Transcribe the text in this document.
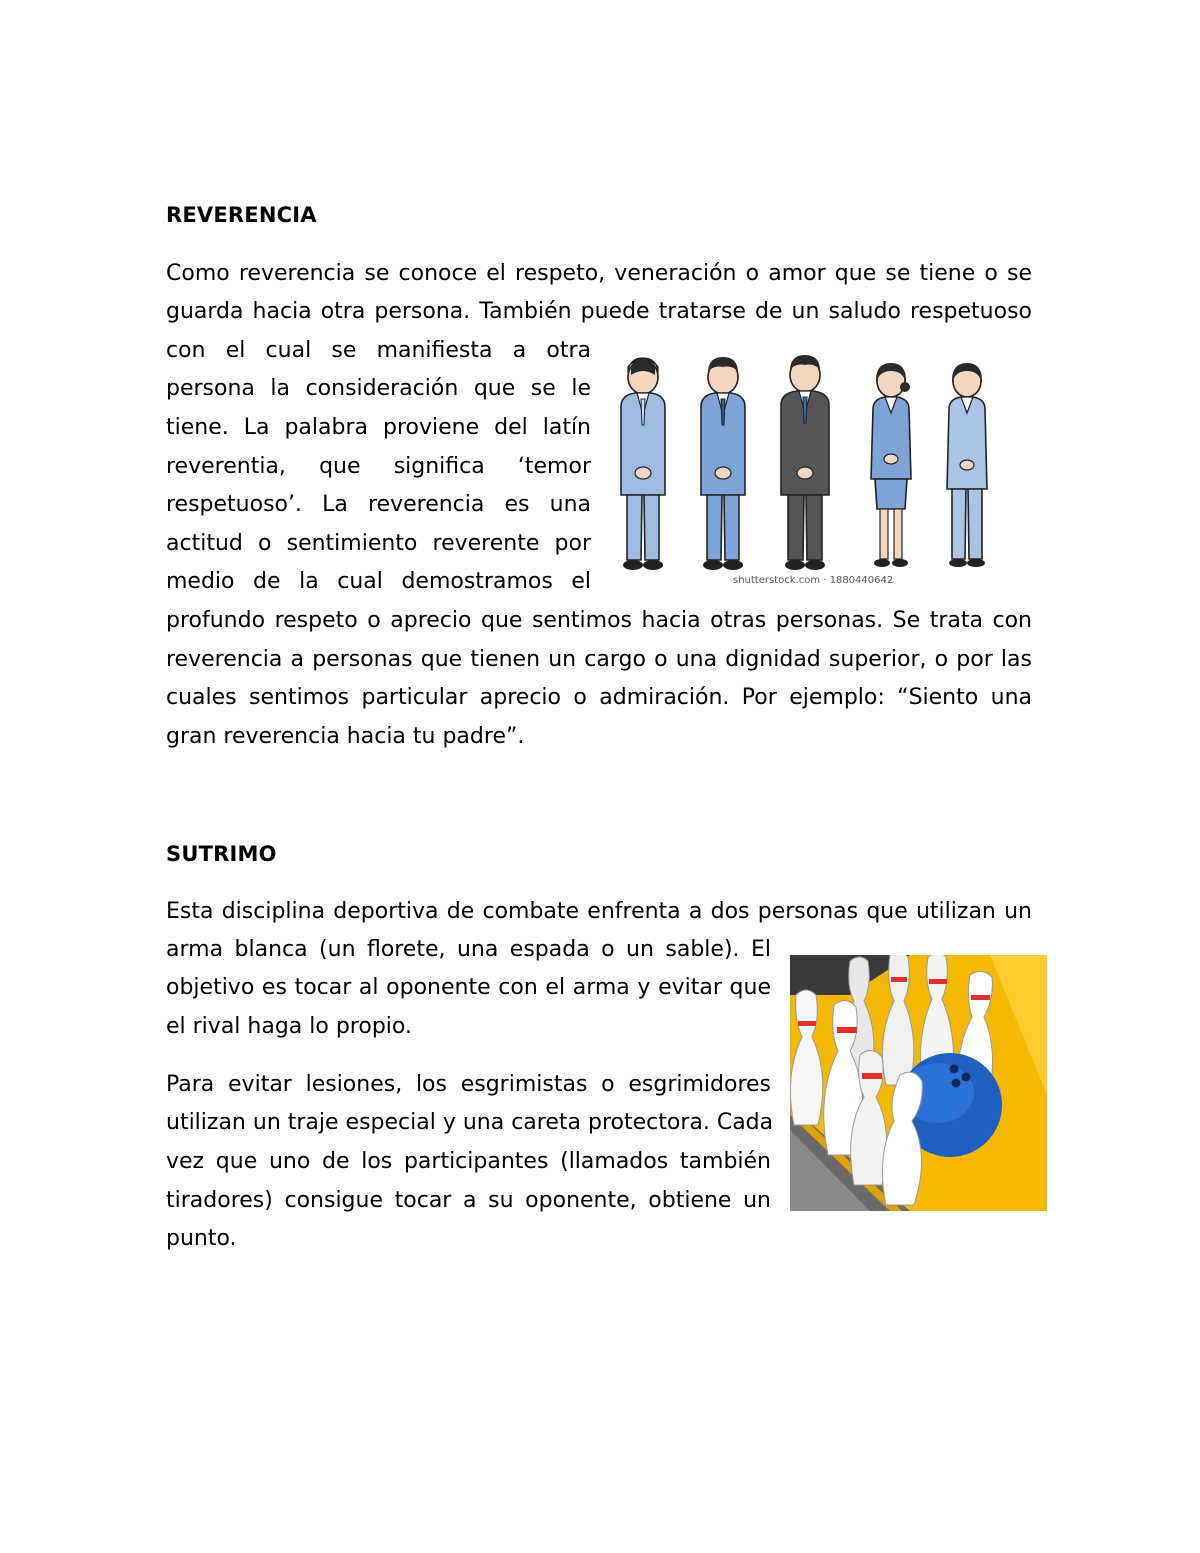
REVERENCIA
Como reverencia se conoce el respeto, veneración o amor que se tiene o se
guarda hacia otra persona. También puede tratarse de un saludo respetuoso
con el cual se manifiesta a otra
persona la consideración que se le
tiene. La palabra proviene del latín
reverentia, que significa ‘temor
respetuoso’. La reverencia es una
actitud o sentimiento reverente por
medio de la cual demostramos el
profundo respeto o aprecio que sentimos hacia otras personas. Se trata con
reverencia a personas que tienen un cargo o una dignidad superior, o por las
cuales sentimos particular aprecio o admiración. Por ejemplo: “Siento una
gran reverencia hacia tu padre”.
shutterstock.com · 1880440642
SUTRIMO
Esta disciplina deportiva de combate enfrenta a dos personas que utilizan un
arma blanca (un florete, una espada o un sable). El
objetivo es tocar al oponente con el arma y evitar que
el rival haga lo propio.
Para evitar lesiones, los esgrimistas o esgrimidores
utilizan un traje especial y una careta protectora. Cada
vez que uno de los participantes (llamados también
tiradores) consigue tocar a su oponente, obtiene un
punto.
